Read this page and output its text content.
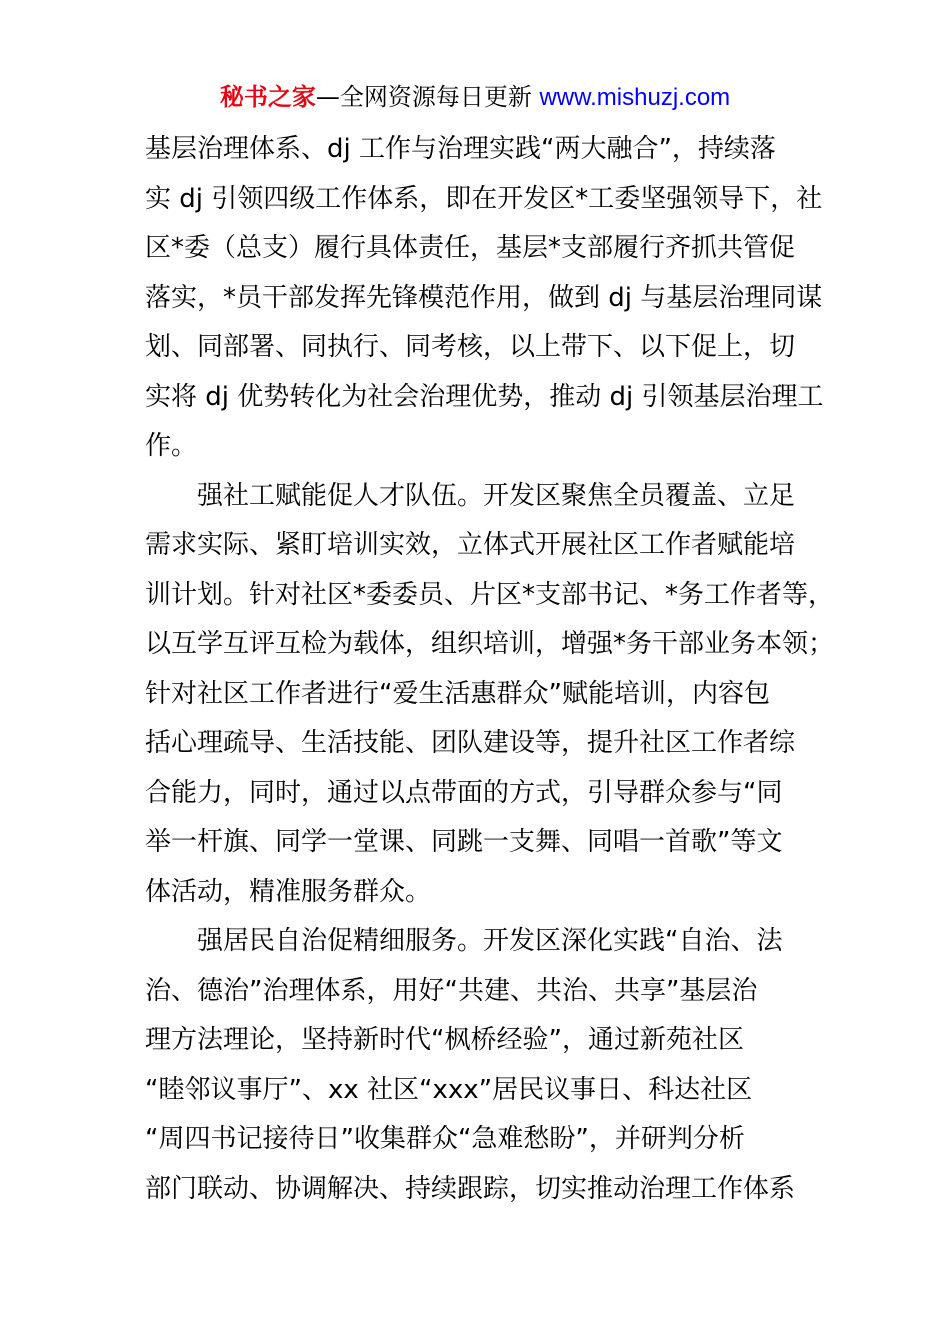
秘书之家—全网资源每日更新 www.mishuzj.com
基层治理体系、dj 工作与治理实践“两大融合”，持续落
实 dj 引领四级工作体系，即在开发区*工委坚强领导下，社
区*委（总支）履行具体责任，基层*支部履行齐抓共管促
落实，*员干部发挥先锋模范作用，做到 dj 与基层治理同谋
划、同部署、同执行、同考核，以上带下、以下促上，切
实将 dj 优势转化为社会治理优势，推动 dj 引领基层治理工
作。
　　强社工赋能促人才队伍。开发区聚焦全员覆盖、立足
需求实际、紧盯培训实效，立体式开展社区工作者赋能培
训计划。针对社区*委委员、片区*支部书记、*务工作者等，
以互学互评互检为载体，组织培训，增强*务干部业务本领；
针对社区工作者进行“爱生活惠群众”赋能培训，内容包
括心理疏导、生活技能、团队建设等，提升社区工作者综
合能力，同时，通过以点带面的方式，引导群众参与“同
举一杆旗、同学一堂课、同跳一支舞、同唱一首歌”等文
体活动，精准服务群众。
　　强居民自治促精细服务。开发区深化实践“自治、法
治、德治”治理体系，用好“共建、共治、共享”基层治
理方法理论，坚持新时代“枫桥经验”，通过新苑社区
“睦邻议事厅”、xx 社区“xxx”居民议事日、科达社区
“周四书记接待日”收集群众“急难愁盼”，并研判分析
部门联动、协调解决、持续跟踪，切实推动治理工作体系
